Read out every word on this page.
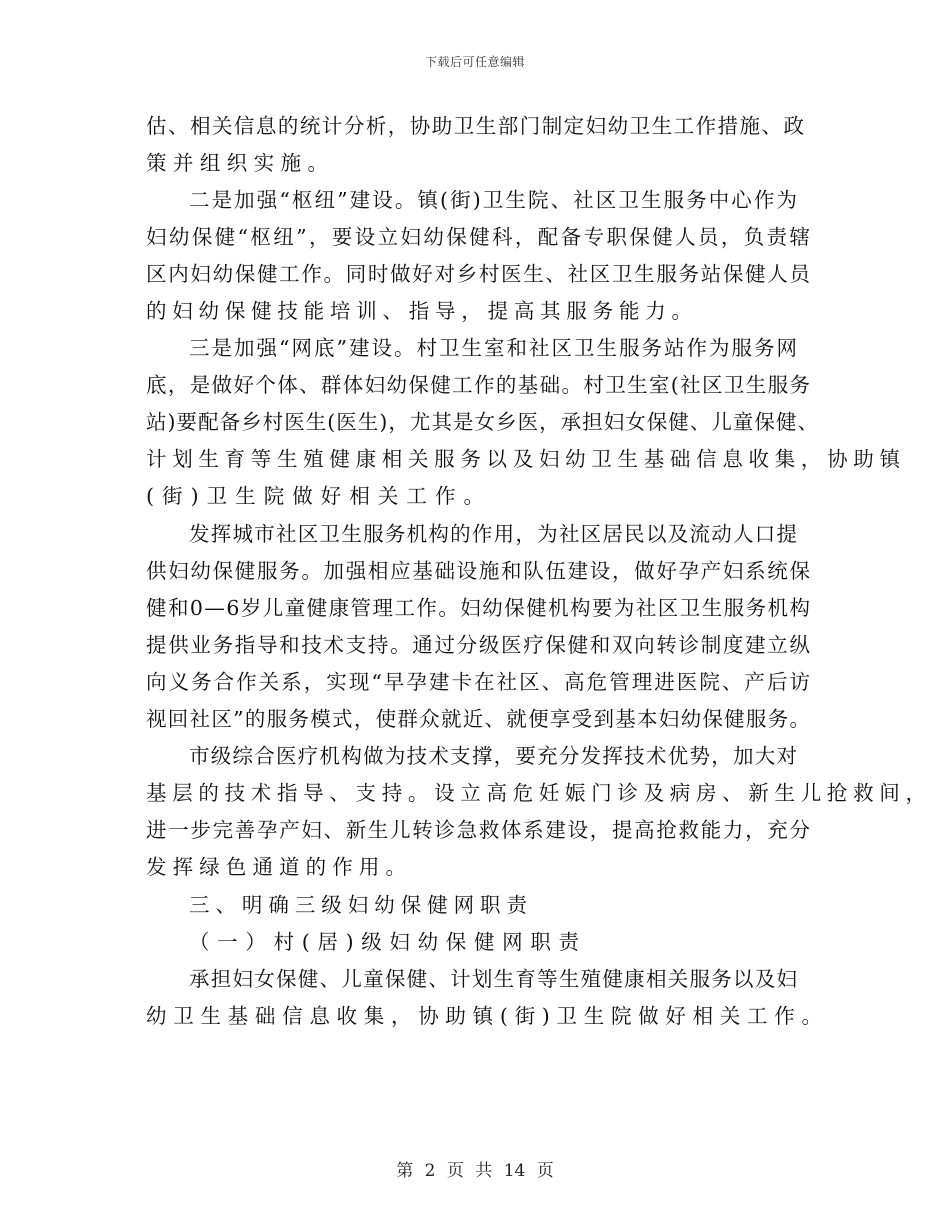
下载后可任意编辑
估、相关信息的统计分析，协助卫生部门制定妇幼卫生工作措施、政
策并组织实施。
二是加强“枢纽”建设。镇(街)卫生院、社区卫生服务中心作为
妇幼保健“枢纽”，要设立妇幼保健科，配备专职保健人员，负责辖
区内妇幼保健工作。同时做好对乡村医生、社区卫生服务站保健人员
的妇幼保健技能培训、指导，提高其服务能力。
三是加强“网底”建设。村卫生室和社区卫生服务站作为服务网
底，是做好个体、群体妇幼保健工作的基础。村卫生室(社区卫生服务
站)要配备乡村医生(医生)，尤其是女乡医，承担妇女保健、儿童保健、
计划生育等生殖健康相关服务以及妇幼卫生基础信息收集，协助镇
(街)卫生院做好相关工作。
发挥城市社区卫生服务机构的作用，为社区居民以及流动人口提
供妇幼保健服务。加强相应基础设施和队伍建设，做好孕产妇系统保
健和0—6岁儿童健康管理工作。妇幼保健机构要为社区卫生服务机构
提供业务指导和技术支持。通过分级医疗保健和双向转诊制度建立纵
向义务合作关系，实现“早孕建卡在社区、高危管理进医院、产后访
视回社区”的服务模式，使群众就近、就便享受到基本妇幼保健服务。
市级综合医疗机构做为技术支撑，要充分发挥技术优势，加大对
基层的技术指导、支持。设立高危妊娠门诊及病房、新生儿抢救间，
进一步完善孕产妇、新生儿转诊急救体系建设，提高抢救能力，充分
发挥绿色通道的作用。
三、明确三级妇幼保健网职责
（一）村(居)级妇幼保健网职责
承担妇女保健、儿童保健、计划生育等生殖健康相关服务以及妇
幼卫生基础信息收集，协助镇(街)卫生院做好相关工作。
第 2 页 共 14 页
